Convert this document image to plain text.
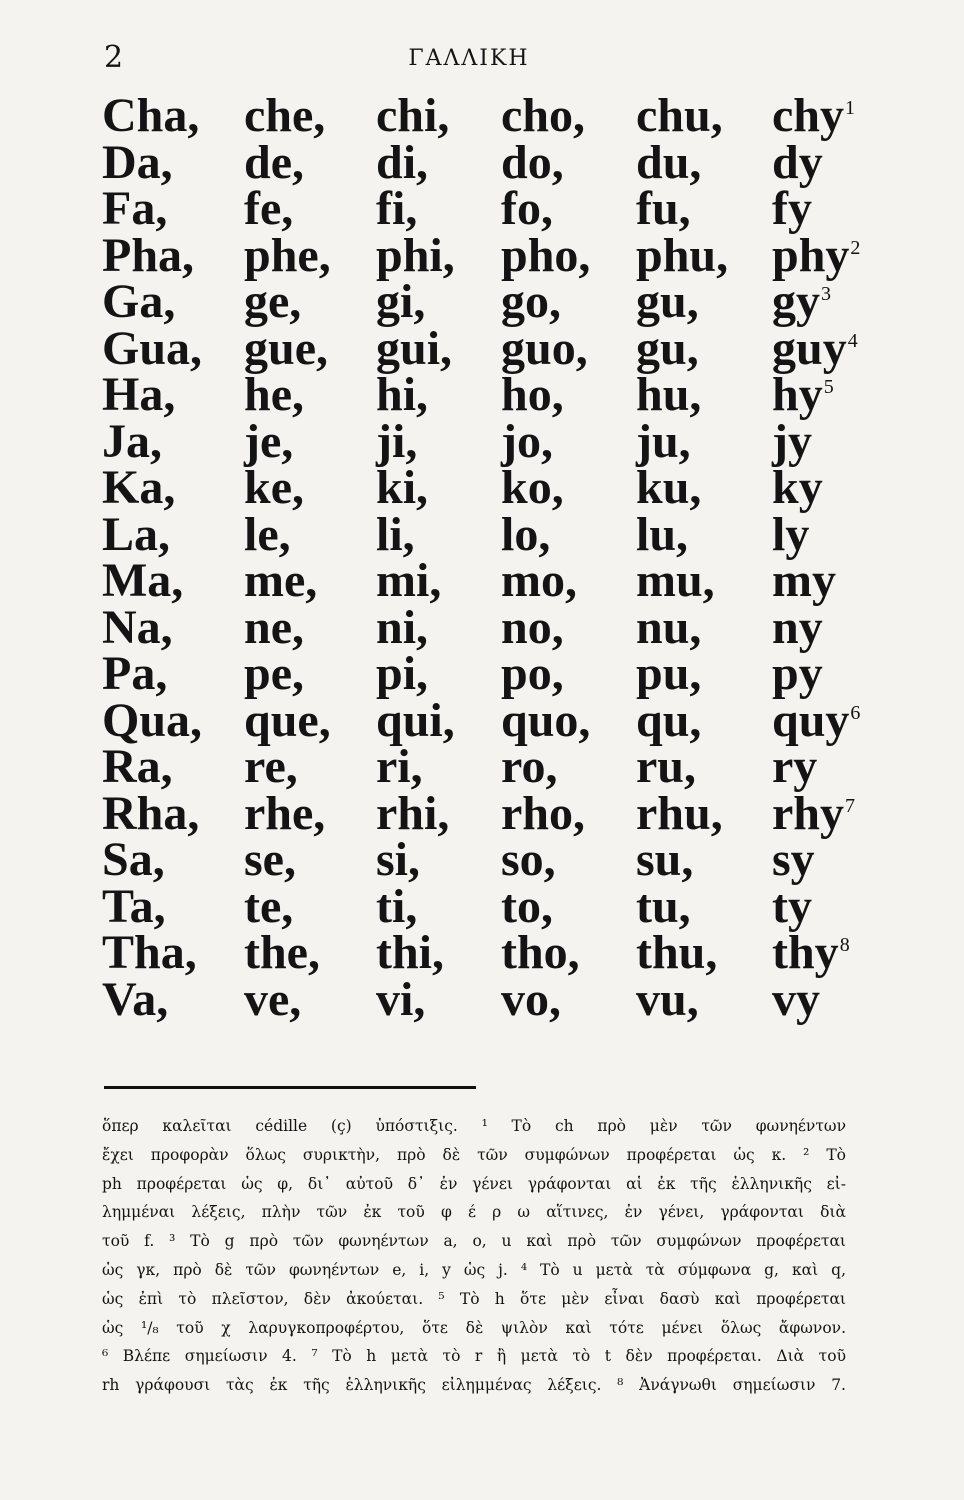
2	ΓΑΛΛΙΚΗ
Cha, che,	chi,	cho,	chu,	chy$^1$
Da,	de,	di,	do,	du,	dy
Fa,	fe,	fi,	fo,	fu,	fy
Pha,	phe, phi, pho, phu, phy$^2$
Ga,	ge,	gi,	go,	gu,	gy$^3$
Gua, gue,	gui,	guo,	gu,	guy$^4$
Ha,	he,	hi,	ho,	hu,	hy$^5$
Ja,	je,	ji,	jo,	ju,	jy
Ka,	ke,	ki,	ko,	ku,	ky
La,	le,	li,	lo,	lu,	ly
Ma,	me,	mi,	mo,	mu,	my
Na,	ne,	ni,	no,	nu,	ny
Pa,	pe,	pi,	po,	pu,	py
Qua, que, qui, quo, qu,	quy$^6$
Ra,	re,	ri,	ro,	ru,	ry
Rha, rhe,	rhi,	rho,	rhu,	rhy$^7$
Sa,	se,	si,	so,	su,	sy
Ta,	te,	ti,	to,	tu,	ty
Tha, the,	thi,	tho,	thu,	thy$^8$
Va,	ve,	vi,	vo,	vu,	vy
ὅπερ καλεῖται cédille (ç) ὑπόστιξις. ¹ Τὸ ch πρὸ μὲν τῶν φωνηέντων
ἔχει προφορὰν ὅλως συρικτὴν, πρὸ δὲ τῶν συμφώνων προφέρεται ὡς κ. ² Τὸ
ph προφέρεται ὡς φ, δι᾽ αὐτοῦ δ᾽ ἐν γένει γράφονται αἱ ἐκ τῆς ἑλληνικῆς εἰ-
λημμέναι λέξεις, πλὴν τῶν ἐκ τοῦ φ έ ρ ω αἵτινες, ἐν γένει, γράφονται διὰ
τοῦ f. ³ Τὸ g πρὸ τῶν φωνηέντων a, o, u καὶ πρὸ τῶν συμφώνων προφέρεται
ὡς γκ, πρὸ δὲ τῶν φωνηέντων e, i, y ὡς j. ⁴ Τὸ u μετὰ τὰ σύμφωνα g, καὶ q,
ὡς ἐπὶ τὸ πλεῖστον, δὲν ἀκούεται. ⁵ Τὸ h ὅτε μὲν εἶναι δασὺ καὶ προφέρεται
ὡς ¹/₈ τοῦ χ λαρυγκοπροφέρτου, ὅτε δὲ ψιλὸν καὶ τότε μένει ὅλως ἄφωνον.
⁶ Βλέπε σημείωσιν 4. ⁷ Τὸ h μετὰ τὸ r ἢ μετὰ τὸ t δὲν προφέρεται. Διὰ τοῦ
rh γράφουσι τὰς ἐκ τῆς ἑλληνικῆς εἰλημμένας λέξεις. ⁸ Ἀνάγνωθι σημείωσιν 7.
